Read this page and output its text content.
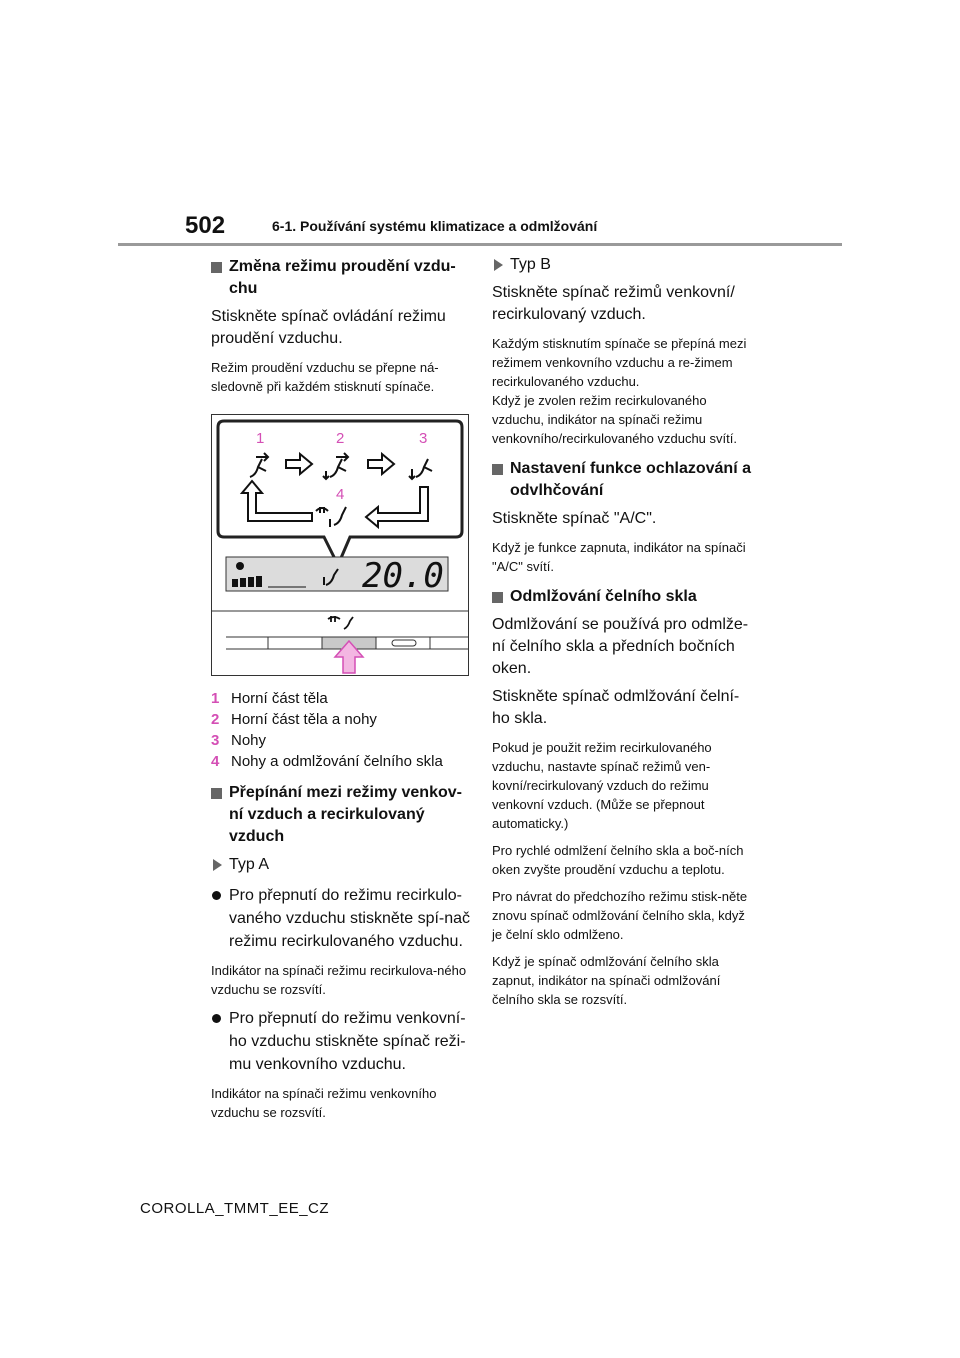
502	6-1. Používání systému klimatizace a odmlžování
Změna režimu proudění vzdu-chu
Stiskněte spínač ovládání režimu proudění vzduchu.
Režim proudění vzduchu se přepne ná-sledovně při každém stisknutí spínače.
1	2	3
4
20.0
1 Horní část těla
2 Horní část těla a nohy
3 Nohy
4 Nohy a odmlžování čelního skla
Přepínání mezi režimy venkov-ní vzduch a recirkulovaný vzduch
Typ A
Pro přepnutí do režimu recirkulo-vaného vzduchu stiskněte spí-nač režimu recirkulovaného vzduchu.
Indikátor na spínači režimu recirkulova-ného vzduchu se rozsvítí.
Pro přepnutí do režimu venkovní-ho vzduchu stiskněte spínač reži-mu venkovního vzduchu.
Indikátor na spínači režimu venkovního vzduchu se rozsvítí.
Typ B
Stiskněte spínač režimů venkovní/ recirkulovaný vzduch.
Každým stisknutím spínače se přepíná mezi režimem venkovního vzduchu a re-žimem recirkulovaného vzduchu.
Když je zvolen režim recirkulovaného vzduchu, indikátor na spínači režimu venkovního/recirkulovaného vzduchu svítí.
Nastavení funkce ochlazování a odvlhčování
Stiskněte spínač "A/C".
Když je funkce zapnuta, indikátor na spínači "A/C" svítí.
Odmlžování čelního skla
Odmlžování se používá pro odmlže-ní čelního skla a předních bočních oken.
Stiskněte spínač odmlžování čelní-ho skla.
Pokud je použit režim recirkulovaného vzduchu, nastavte spínač režimů ven-kovní/recirkulovaný vzduch do režimu venkovní vzduch. (Může se přepnout automaticky.)
Pro rychlé odmlžení čelního skla a boč-ních oken zvyšte proudění vzduchu a teplotu.
Pro návrat do předchozího režimu stisk-něte znovu spínač odmlžování čelního skla, když je čelní sklo odmlženo.
Když je spínač odmlžování čelního skla zapnut, indikátor na spínači odmlžování čelního skla se rozsvítí.
COROLLA_TMMT_EE_CZ
